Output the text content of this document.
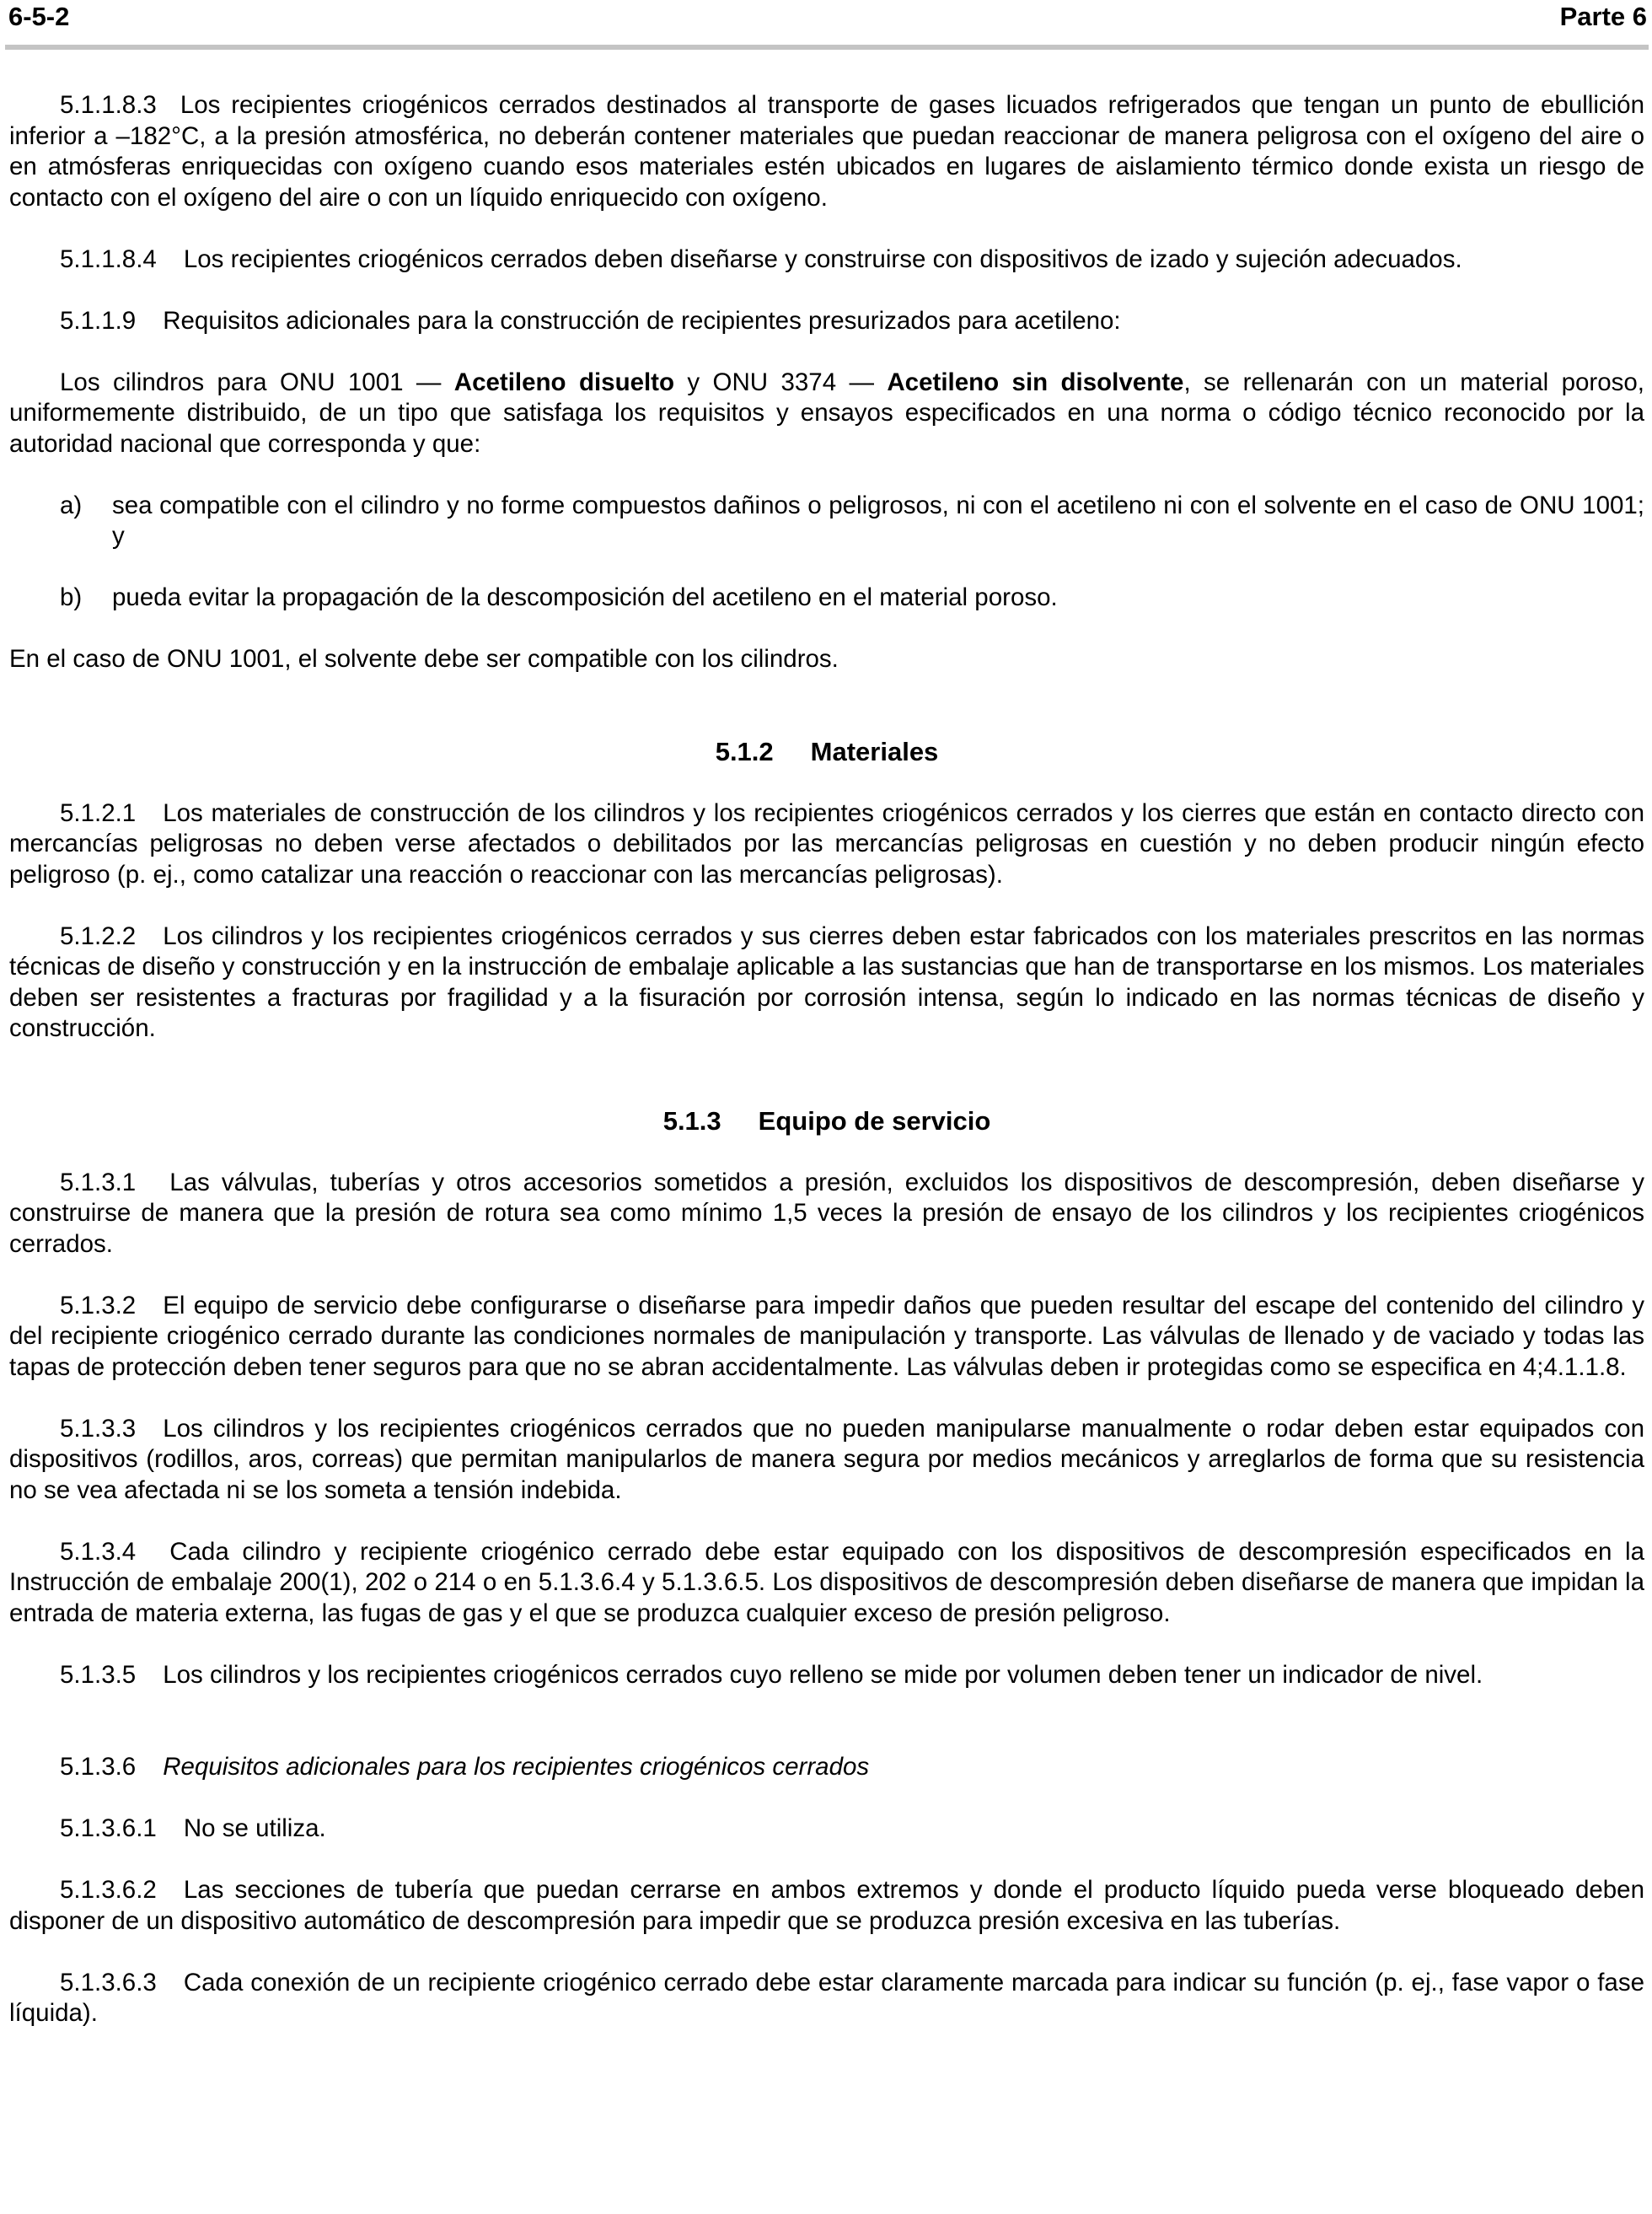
6-5-2	Parte 6

5.1.1.8.3 Los recipientes criogénicos cerrados destinados al transporte de gases licuados refrigerados que tengan un punto de ebullición inferior a –182°C, a la presión atmosférica, no deberán contener materiales que puedan reaccionar de manera peligrosa con el oxígeno del aire o en atmósferas enriquecidas con oxígeno cuando esos materiales estén ubicados en lugares de aislamiento térmico donde exista un riesgo de contacto con el oxígeno del aire o con un líquido enriquecido con oxígeno.

5.1.1.8.4 Los recipientes criogénicos cerrados deben diseñarse y construirse con dispositivos de izado y sujeción adecuados.

5.1.1.9 Requisitos adicionales para la construcción de recipientes presurizados para acetileno:

Los cilindros para ONU 1001 — Acetileno disuelto y ONU 3374 — Acetileno sin disolvente, se rellenarán con un material poroso, uniformemente distribuido, de un tipo que satisfaga los requisitos y ensayos especificados en una norma o código técnico reconocido por la autoridad nacional que corresponda y que:

a) sea compatible con el cilindro y no forme compuestos dañinos o peligrosos, ni con el acetileno ni con el solvente en el caso de ONU 1001; y
b) pueda evitar la propagación de la descomposición del acetileno en el material poroso.

En el caso de ONU 1001, el solvente debe ser compatible con los cilindros.

5.1.2 Materiales

5.1.2.1 Los materiales de construcción de los cilindros y los recipientes criogénicos cerrados y los cierres que están en contacto directo con mercancías peligrosas no deben verse afectados o debilitados por las mercancías peligrosas en cuestión y no deben producir ningún efecto peligroso (p. ej., como catalizar una reacción o reaccionar con las mercancías peligrosas).

5.1.2.2 Los cilindros y los recipientes criogénicos cerrados y sus cierres deben estar fabricados con los materiales prescritos en las normas técnicas de diseño y construcción y en la instrucción de embalaje aplicable a las sustancias que han de transportarse en los mismos. Los materiales deben ser resistentes a fracturas por fragilidad y a la fisuración por corrosión intensa, según lo indicado en las normas técnicas de diseño y construcción.

5.1.3 Equipo de servicio

5.1.3.1 Las válvulas, tuberías y otros accesorios sometidos a presión, excluidos los dispositivos de descompresión, deben diseñarse y construirse de manera que la presión de rotura sea como mínimo 1,5 veces la presión de ensayo de los cilindros y los recipientes criogénicos cerrados.

5.1.3.2 El equipo de servicio debe configurarse o diseñarse para impedir daños que pueden resultar del escape del contenido del cilindro y del recipiente criogénico cerrado durante las condiciones normales de manipulación y transporte. Las válvulas de llenado y de vaciado y todas las tapas de protección deben tener seguros para que no se abran accidentalmente. Las válvulas deben ir protegidas como se especifica en 4;4.1.1.8.

5.1.3.3 Los cilindros y los recipientes criogénicos cerrados que no pueden manipularse manualmente o rodar deben estar equipados con dispositivos (rodillos, aros, correas) que permitan manipularlos de manera segura por medios mecánicos y arreglarlos de forma que su resistencia no se vea afectada ni se los someta a tensión indebida.

5.1.3.4 Cada cilindro y recipiente criogénico cerrado debe estar equipado con los dispositivos de descompresión especificados en la Instrucción de embalaje 200(1), 202 o 214 o en 5.1.3.6.4 y 5.1.3.6.5. Los dispositivos de descompresión deben diseñarse de manera que impidan la entrada de materia externa, las fugas de gas y el que se produzca cualquier exceso de presión peligroso.

5.1.3.5 Los cilindros y los recipientes criogénicos cerrados cuyo relleno se mide por volumen deben tener un indicador de nivel.

5.1.3.6 Requisitos adicionales para los recipientes criogénicos cerrados

5.1.3.6.1 No se utiliza.

5.1.3.6.2 Las secciones de tubería que puedan cerrarse en ambos extremos y donde el producto líquido pueda verse bloqueado deben disponer de un dispositivo automático de descompresión para impedir que se produzca presión excesiva en las tuberías.

5.1.3.6.3 Cada conexión de un recipiente criogénico cerrado debe estar claramente marcada para indicar su función (p. ej., fase vapor o fase líquida).
